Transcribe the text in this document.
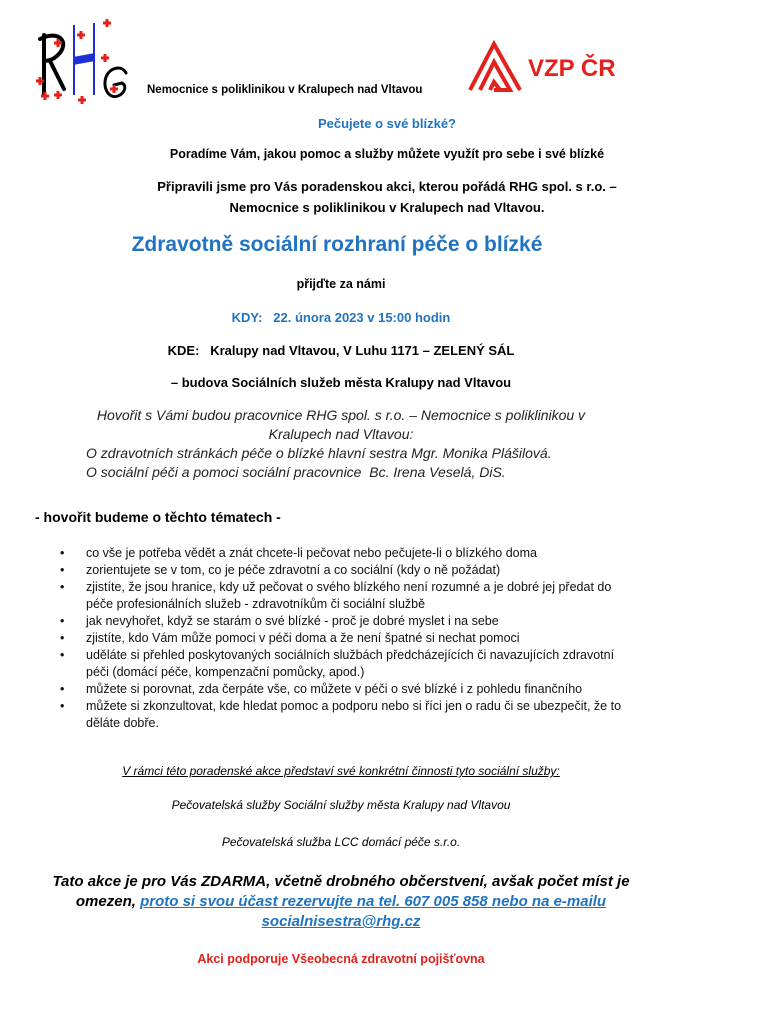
Nemocnice s poliklinikou v Kralupech nad Vltavou
VZP ČR
Pečujete o své blízké?
Poradíme Vám, jakou pomoc a služby můžete využít pro sebe i své blízké
Připravili jsme pro Vás poradenskou akci, kterou pořádá RHG spol. s r.o. –
Nemocnice s poliklinikou v Kralupech nad Vltavou.
Zdravotně sociální rozhraní péče o blízké
přijďte za námi
KDY:   22. února 2023 v 15:00 hodin
KDE:   Kralupy nad Vltavou, V Luhu 1171 – ZELENÝ SÁL
– budova Sociálních služeb města Kralupy nad Vltavou
Hovořit s Vámi budou pracovnice RHG spol. s r.o. – Nemocnice s poliklinikou v
Kralupech nad Vltavou:
O zdravotních stránkách péče o blízké hlavní sestra Mgr. Monika Plášilová.
O sociální péči a pomoci sociální pracovnice  Bc. Irena Veselá, DiS.
- hovořit budeme o těchto tématech -
•	co vše je potřeba vědět a znát chcete-li pečovat nebo pečujete-li o blízkého doma
•	zorientujete se v tom, co je péče zdravotní a co sociální (kdy o ně požádat)
•	zjistíte, že jsou hranice, kdy už pečovat o svého blízkého není rozumné a je dobré jej předat do péče profesionálních služeb - zdravotníkům či sociální službě
•	jak nevyhořet, když se starám o své blízké - proč je dobré myslet i na sebe
•	zjistíte, kdo Vám může pomoci v péči doma a že není špatné si nechat pomoci
•	uděláte si přehled poskytovaných sociálních službách předcházejících či navazujících zdravotní péči (domácí péče, kompenzační pomůcky, apod.)
•	můžete si porovnat, zda čerpáte vše, co můžete v péči o své blízké i z pohledu finančního
•	můžete si zkonzultovat, kde hledat pomoc a podporu nebo si říci jen o radu či se ubezpečit, že to děláte dobře.
V rámci této poradenské akce představí své konkrétní činnosti tyto sociální služby:
Pečovatelská služby Sociální služby města Kralupy nad Vltavou
Pečovatelská služba LCC domácí péče s.r.o.
Tato akce je pro Vás ZDARMA, včetně drobného občerstvení, avšak počet míst je
omezen, proto si svou účast rezervujte na tel. 607 005 858 nebo na e-mailu
socialnisestra@rhg.cz
Akci podporuje Všeobecná zdravotní pojišťovna
